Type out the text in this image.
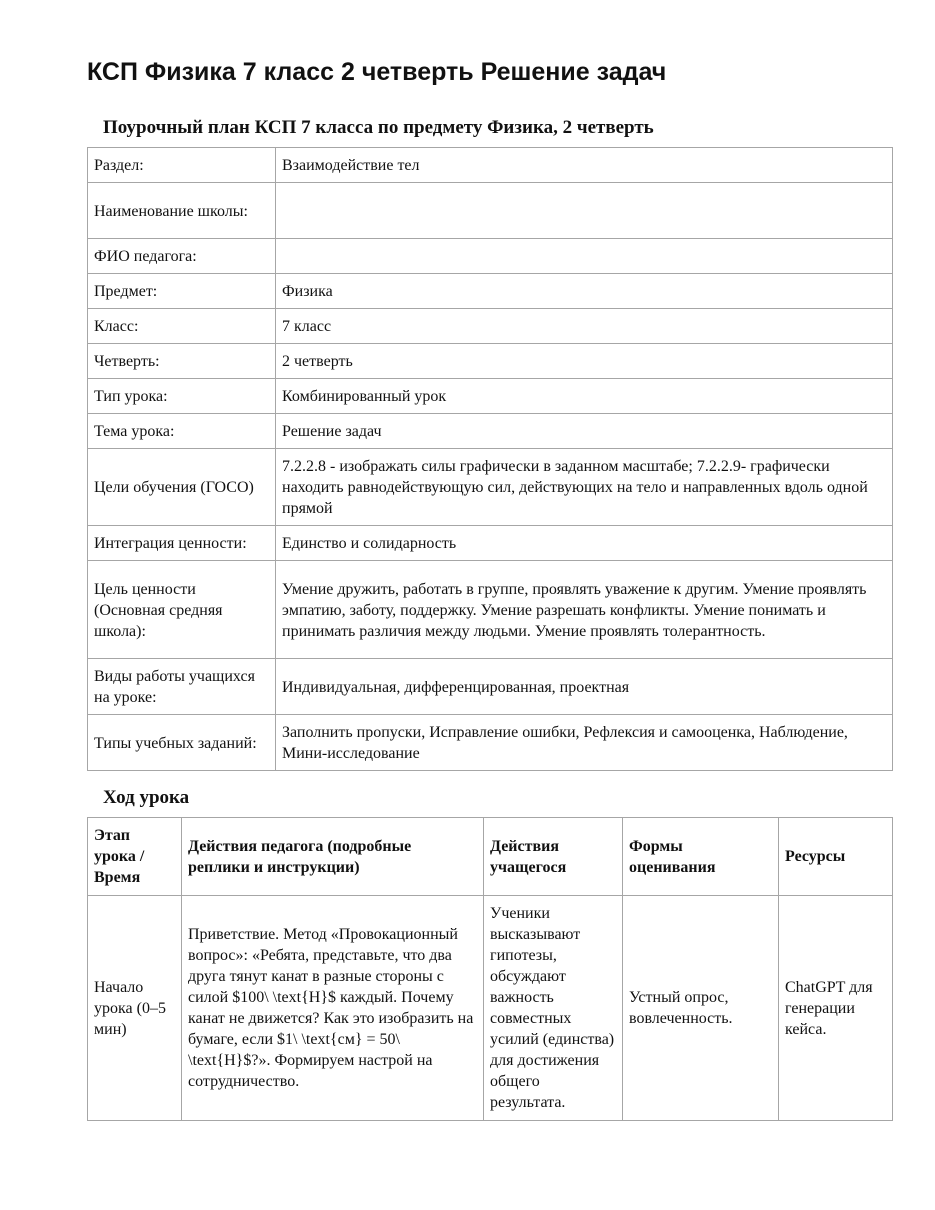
КСП Физика 7 класс 2 четверть Решение задач
Поурочный план КСП 7 класса по предмету Физика, 2 четверть
Раздел:	Взаимодействие тел
Наименование школы:	
ФИО педагога:	
Предмет:	Физика
Класс:	7 класс
Четверть:	2 четверть
Тип урока:	Комбинированный урок
Тема урока:	Решение задач
Цели обучения (ГОСО)	7.2.2.8 - изображать силы графически в заданном масштабе; 7.2.2.9- графически находить равнодействующую сил, действующих на тело и направленных вдоль одной прямой
Интеграция ценности:	Единство и солидарность
Цель ценности (Основная средняя школа):	Умение дружить, работать в группе, проявлять уважение к другим. Умение проявлять эмпатию, заботу, поддержку. Умение разрешать конфликты. Умение понимать и принимать различия между людьми. Умение проявлять толерантность.
Виды работы учащихся на уроке:	Индивидуальная, дифференцированная, проектная
Типы учебных заданий:	Заполнить пропуски, Исправление ошибки, Рефлексия и самооценка, Наблюдение, Мини-исследование
Ход урока
Этап урока / Время	Действия педагога (подробные реплики и инструкции)	Действия учащегося	Формы оценивания	Ресурсы
Начало урока (0–5 мин)	Приветствие. Метод «Провокационный вопрос»: «Ребята, представьте, что два друга тянут канат в разные стороны с силой $100\ \text{Н}$ каждый. Почему канат не движется? Как это изобразить на бумаге, если $1\ \text{см} = 50\ \text{Н}$?». Формируем настрой на сотрудничество.	Ученики высказывают гипотезы, обсуждают важность совместных усилий (единства) для достижения общего результата.	Устный опрос, вовлеченность.	ChatGPT для генерации кейса.
